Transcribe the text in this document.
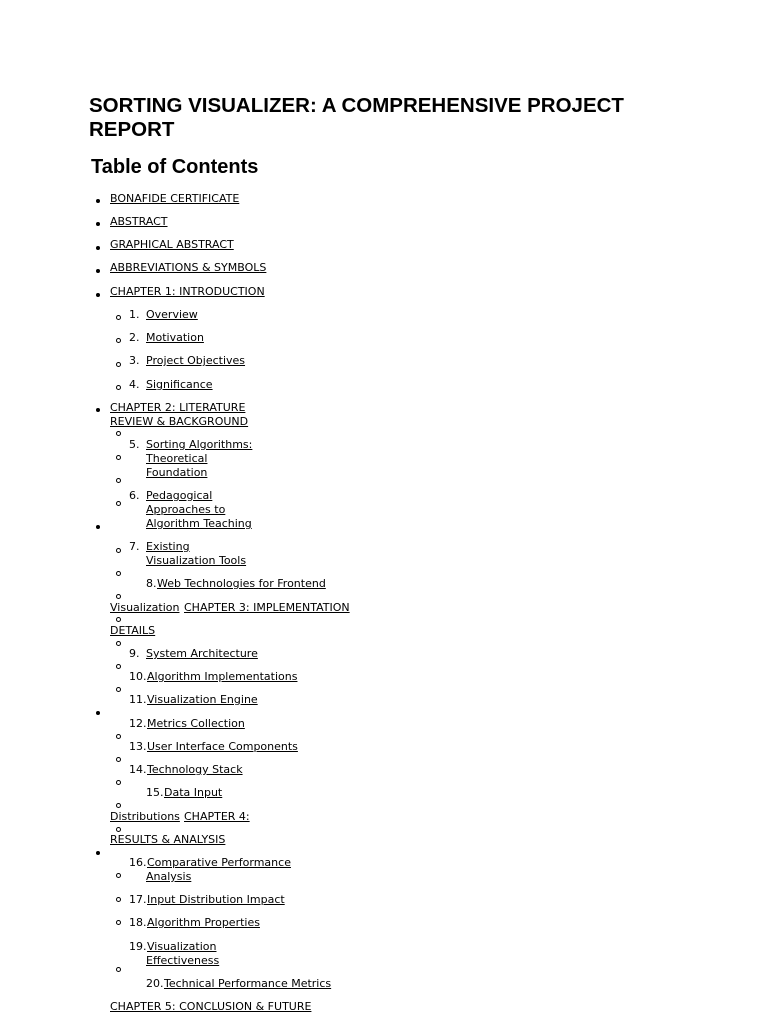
SORTING VISUALIZER: A COMPREHENSIVE PROJECT REPORT
Table of Contents
BONAFIDE CERTIFICATE
ABSTRACT
GRAPHICAL ABSTRACT
ABBREVIATIONS & SYMBOLS
CHAPTER 1: INTRODUCTION
1. Overview
2. Motivation
3. Project Objectives
4. Significance
CHAPTER 2: LITERATURE
REVIEW & BACKGROUND
5. Sorting Algorithms:
Theoretical
Foundation
6. Pedagogical
Approaches to
Algorithm Teaching
7. Existing
Visualization Tools
8. Web Technologies for Frontend
Visualization CHAPTER 3: IMPLEMENTATION
DETAILS
9. System Architecture
10. Algorithm Implementations
11. Visualization Engine
12. Metrics Collection
13. User Interface Components
14. Technology Stack
15. Data Input
Distributions CHAPTER 4:
RESULTS & ANALYSIS
16. Comparative Performance
Analysis
17. Input Distribution Impact
18. Algorithm Properties
19. Visualization
Effectiveness
20. Technical Performance Metrics
CHAPTER 5: CONCLUSION & FUTURE
